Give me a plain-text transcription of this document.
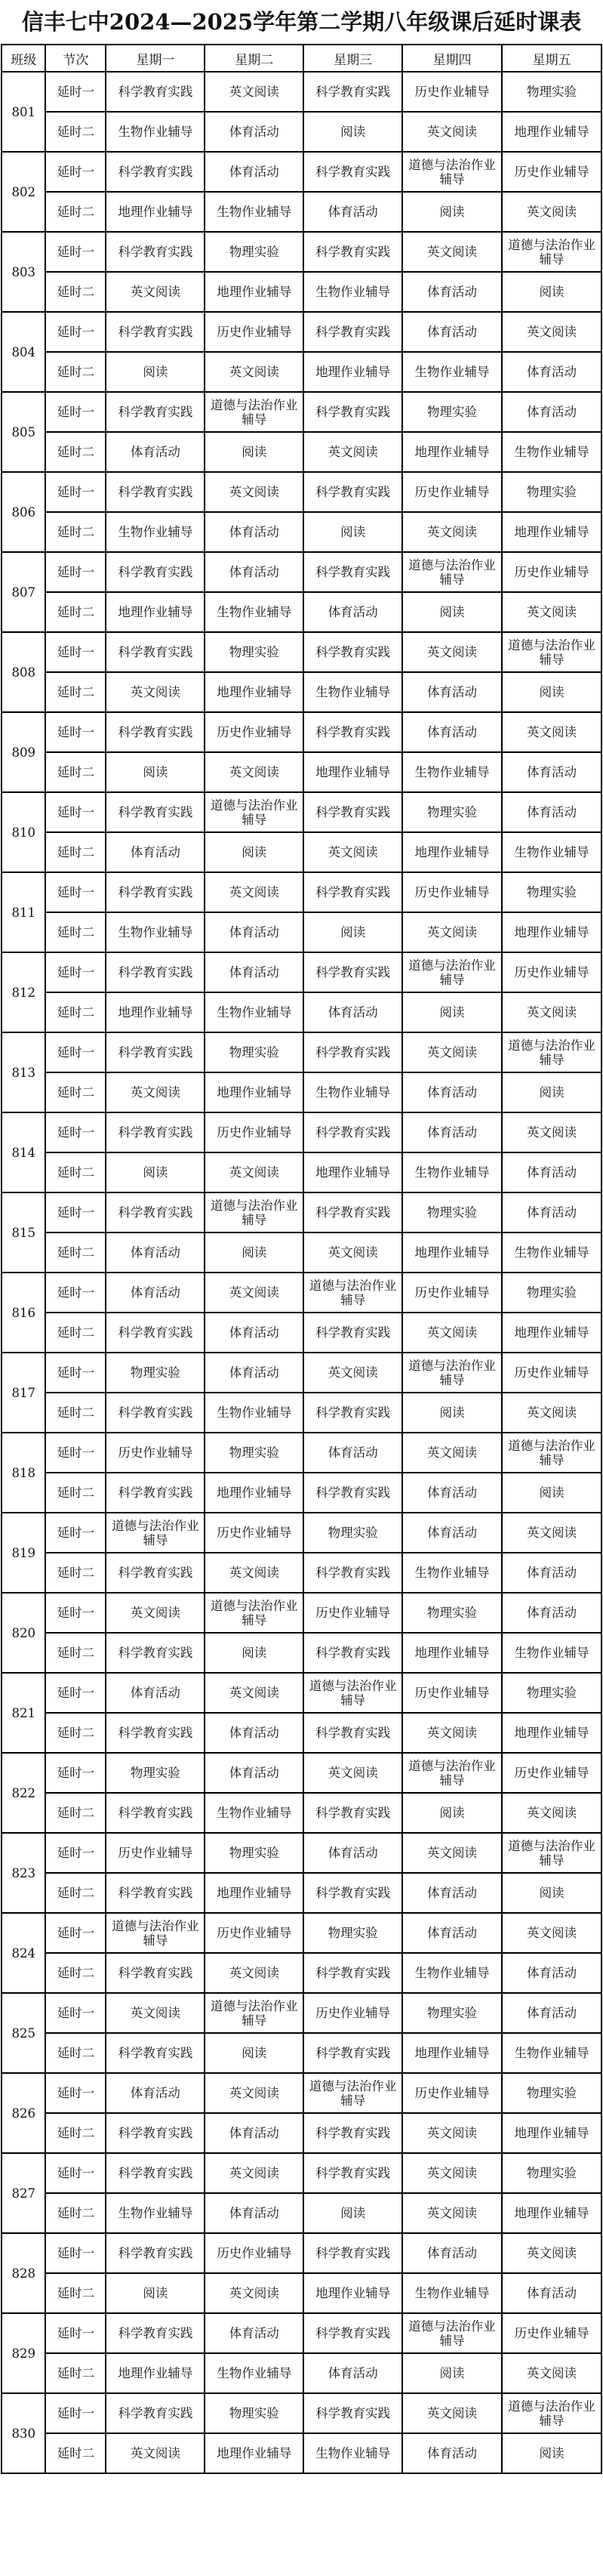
信丰七中2024—2025学年第二学期八年级课后延时课表
班级	节次	星期一	星期二	星期三	星期四	星期五
801	延时一	科学教育实践	英文阅读	科学教育实践	历史作业辅导	物理实验
	延时二	生物作业辅导	体育活动	阅读	英文阅读	地理作业辅导
802	延时一	科学教育实践	体育活动	科学教育实践	道德与法治作业辅导	历史作业辅导
	延时二	地理作业辅导	生物作业辅导	体育活动	阅读	英文阅读
803	延时一	科学教育实践	物理实验	科学教育实践	英文阅读	道德与法治作业辅导
	延时二	英文阅读	地理作业辅导	生物作业辅导	体育活动	阅读
804	延时一	科学教育实践	历史作业辅导	科学教育实践	体育活动	英文阅读
	延时二	阅读	英文阅读	地理作业辅导	生物作业辅导	体育活动
805	延时一	科学教育实践	道德与法治作业辅导	科学教育实践	物理实验	体育活动
	延时二	体育活动	阅读	英文阅读	地理作业辅导	生物作业辅导
806	延时一	科学教育实践	英文阅读	科学教育实践	历史作业辅导	物理实验
	延时二	生物作业辅导	体育活动	阅读	英文阅读	地理作业辅导
807	延时一	科学教育实践	体育活动	科学教育实践	道德与法治作业辅导	历史作业辅导
	延时二	地理作业辅导	生物作业辅导	体育活动	阅读	英文阅读
808	延时一	科学教育实践	物理实验	科学教育实践	英文阅读	道德与法治作业辅导
	延时二	英文阅读	地理作业辅导	生物作业辅导	体育活动	阅读
809	延时一	科学教育实践	历史作业辅导	科学教育实践	体育活动	英文阅读
	延时二	阅读	英文阅读	地理作业辅导	生物作业辅导	体育活动
810	延时一	科学教育实践	道德与法治作业辅导	科学教育实践	物理实验	体育活动
	延时二	体育活动	阅读	英文阅读	地理作业辅导	生物作业辅导
811	延时一	科学教育实践	英文阅读	科学教育实践	历史作业辅导	物理实验
	延时二	生物作业辅导	体育活动	阅读	英文阅读	地理作业辅导
812	延时一	科学教育实践	体育活动	科学教育实践	道德与法治作业辅导	历史作业辅导
	延时二	地理作业辅导	生物作业辅导	体育活动	阅读	英文阅读
813	延时一	科学教育实践	物理实验	科学教育实践	英文阅读	道德与法治作业辅导
	延时二	英文阅读	地理作业辅导	生物作业辅导	体育活动	阅读
814	延时一	科学教育实践	历史作业辅导	科学教育实践	体育活动	英文阅读
	延时二	阅读	英文阅读	地理作业辅导	生物作业辅导	体育活动
815	延时一	科学教育实践	道德与法治作业辅导	科学教育实践	物理实验	体育活动
	延时二	体育活动	阅读	英文阅读	地理作业辅导	生物作业辅导
816	延时一	体育活动	英文阅读	道德与法治作业辅导	历史作业辅导	物理实验
	延时二	科学教育实践	体育活动	科学教育实践	英文阅读	地理作业辅导
817	延时一	物理实验	体育活动	英文阅读	道德与法治作业辅导	历史作业辅导
	延时二	科学教育实践	生物作业辅导	科学教育实践	阅读	英文阅读
818	延时一	历史作业辅导	物理实验	体育活动	英文阅读	道德与法治作业辅导
	延时二	科学教育实践	地理作业辅导	科学教育实践	体育活动	阅读
819	延时一	道德与法治作业辅导	历史作业辅导	物理实验	体育活动	英文阅读
	延时二	科学教育实践	英文阅读	科学教育实践	生物作业辅导	体育活动
820	延时一	英文阅读	道德与法治作业辅导	历史作业辅导	物理实验	体育活动
	延时二	科学教育实践	阅读	科学教育实践	地理作业辅导	生物作业辅导
821	延时一	体育活动	英文阅读	道德与法治作业辅导	历史作业辅导	物理实验
	延时二	科学教育实践	体育活动	科学教育实践	英文阅读	地理作业辅导
822	延时一	物理实验	体育活动	英文阅读	道德与法治作业辅导	历史作业辅导
	延时二	科学教育实践	生物作业辅导	科学教育实践	阅读	英文阅读
823	延时一	历史作业辅导	物理实验	体育活动	英文阅读	道德与法治作业辅导
	延时二	科学教育实践	地理作业辅导	科学教育实践	体育活动	阅读
824	延时一	道德与法治作业辅导	历史作业辅导	物理实验	体育活动	英文阅读
	延时二	科学教育实践	英文阅读	科学教育实践	生物作业辅导	体育活动
825	延时一	英文阅读	道德与法治作业辅导	历史作业辅导	物理实验	体育活动
	延时二	科学教育实践	阅读	科学教育实践	地理作业辅导	生物作业辅导
826	延时一	体育活动	英文阅读	道德与法治作业辅导	历史作业辅导	物理实验
	延时二	科学教育实践	体育活动	科学教育实践	英文阅读	地理作业辅导
827	延时一	科学教育实践	英文阅读	科学教育实践	英文阅读	物理实验
	延时二	生物作业辅导	体育活动	阅读	英文阅读	地理作业辅导
828	延时一	科学教育实践	历史作业辅导	科学教育实践	体育活动	英文阅读
	延时二	阅读	英文阅读	地理作业辅导	生物作业辅导	体育活动
829	延时一	科学教育实践	体育活动	科学教育实践	道德与法治作业辅导	历史作业辅导
	延时二	地理作业辅导	生物作业辅导	体育活动	阅读	英文阅读
830	延时一	科学教育实践	物理实验	科学教育实践	英文阅读	道德与法治作业辅导
	延时二	英文阅读	地理作业辅导	生物作业辅导	体育活动	阅读
